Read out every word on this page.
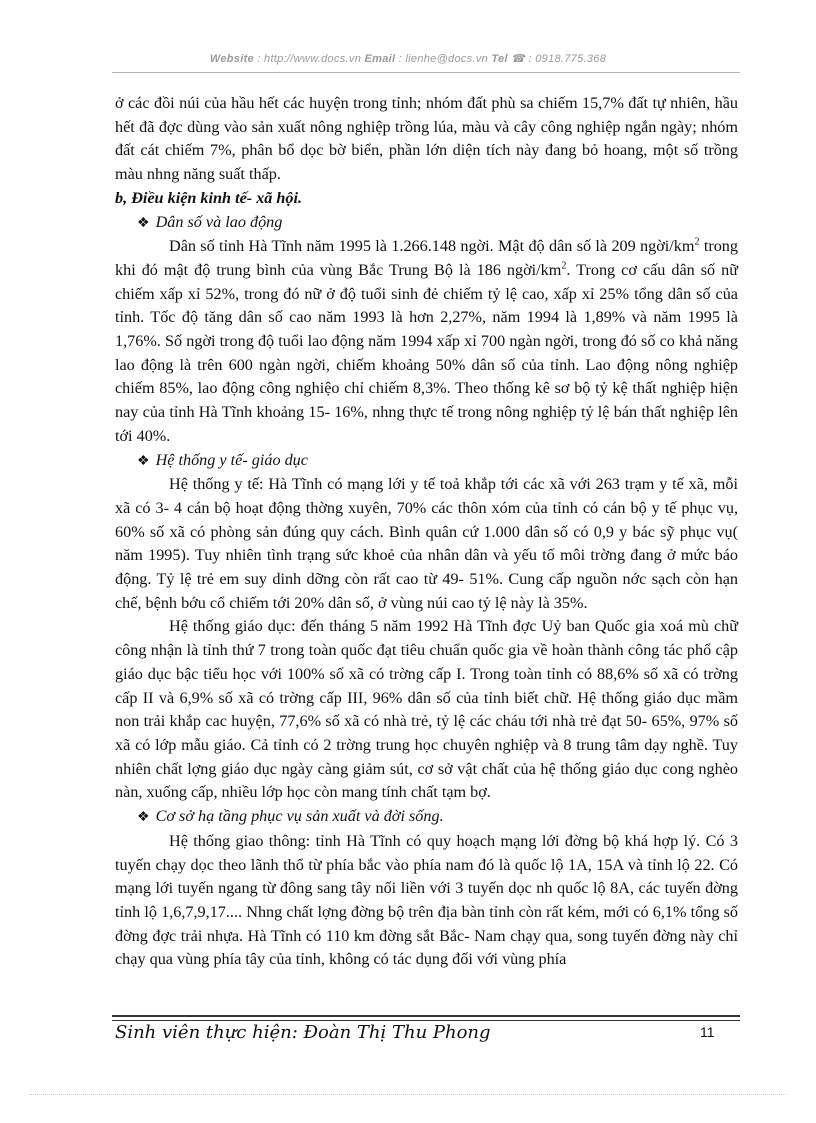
Website : http://www.docs.vn Email : lienhe@docs.vn Tel ☎ : 0918.775.368

ở các đồi núi của hầu hết các huyện trong tỉnh; nhóm đất phù sa chiếm 15,7% đất tự nhiên, hầu hết đã đợc dùng vào sản xuất nông nghiệp trồng lúa, màu và cây công nghiệp ngắn ngày; nhóm đất cát chiếm 7%, phân bổ dọc bờ biển, phần lớn diện tích này đang bỏ hoang, một số trồng màu nhng năng suất thấp.

b, Điều kiện kinh tế- xã hội.

❖ Dân số và lao động

Dân số tỉnh Hà Tĩnh năm 1995 là 1.266.148 ngời. Mật độ dân số là 209 ngời/$km^2$ trong khi đó mật độ trung bình của vùng Bắc Trung Bộ là 186 ngời/$km^2$. Trong cơ cấu dân số nữ chiếm xấp xỉ 52%, trong đó nữ ở độ tuổi sinh đẻ chiếm tỷ lệ cao, xấp xỉ 25% tổng dân số của tỉnh. Tốc độ tăng dân số cao năm 1993 là hơn 2,27%, năm 1994 là 1,89% và năm 1995 là 1,76%. Số ngời trong độ tuổi lao động năm 1994 xấp xỉ 700 ngàn ngời, trong đó số co khả năng lao động là trên 600 ngàn ngời, chiếm khoảng 50% dân số của tỉnh. Lao động nông nghiệp chiếm 85%, lao động công nghiệo chỉ chiếm 8,3%. Theo thống kê sơ bộ tỷ kệ thất nghiệp hiện nay của tỉnh Hà Tĩnh khoảng 15- 16%, nhng thực tế trong nông nghiệp tỷ lệ bán thất nghiệp lên tới 40%.

❖ Hệ thống y tế- giáo dục

Hệ thống y tế: Hà Tĩnh có mạng lới y tế toả khắp tới các xã với 263 trạm y tế xã, mỗi xã có 3- 4 cán bộ hoạt động thờng xuyên, 70% các thôn xóm của tỉnh có cán bộ y tế phục vụ, 60% số xã có phòng sản đúng quy cách. Bình quân cứ 1.000 dân số có 0,9 y bác sỹ phục vụ( năm 1995). Tuy nhiên tình trạng sức khoẻ của nhân dân và yếu tố môi trờng đang ở mức báo động. Tỷ lệ trẻ em suy dinh dỡng còn rất cao từ 49- 51%. Cung cấp nguồn nớc sạch còn hạn chế, bệnh bớu cổ chiếm tới 20% dân số, ở vùng núi cao tỷ lệ này là 35%.

Hệ thống giáo dục: đến tháng 5 năm 1992 Hà Tĩnh đợc Uỷ ban Quốc gia xoá mù chữ công nhận là tỉnh thứ 7 trong toàn quốc đạt tiêu chuẩn quốc gia về hoàn thành công tác phổ cập giáo dục bậc tiểu học với 100% số xã có trờng cấp I. Trong toàn tỉnh có 88,6% số xã có trờng cấp II và 6,9% số xã có trờng cấp III, 96% dân số của tỉnh biết chữ. Hệ thống giáo dục mầm non trải khắp cac huyện, 77,6% số xã có nhà trẻ, tỷ lệ các cháu tới nhà trẻ đạt 50- 65%, 97% số xã có lớp mẫu giáo. Cả tỉnh có 2 trờng trung học chuyên nghiệp và 8 trung tâm dạy nghề. Tuy nhiên chất lợng giáo dục ngày càng giảm sút, cơ sở vật chất của hệ thống giáo dục cong nghèo nàn, xuống cấp, nhiều lớp học còn mang tính chất tạm bợ.

❖ Cơ sở hạ tầng phục vụ sản xuất và đời sống.

Hệ thống giao thông: tỉnh Hà Tĩnh có quy hoạch mạng lới đờng bộ khá hợp lý. Có 3 tuyến chạy dọc theo lãnh thổ từ phía bắc vào phía nam đó là quốc lộ 1A, 15A và tỉnh lộ 22. Có mạng lới tuyến ngang từ đông sang tây nối liền với 3 tuyến dọc nh quốc lộ 8A, các tuyến đờng tỉnh lộ 1,6,7,9,17.... Nhng chất lợng đờng bộ trên địa bàn tỉnh còn rất kém, mới có 6,1% tổng số đờng đợc trải nhựa. Hà Tĩnh có 110 km đờng sắt Bắc- Nam chạy qua, song tuyến đờng này chỉ chạy qua vùng phía tây của tỉnh, không có tác dụng đối với vùng phía

Sinh viên thực hiện: Đoàn Thị Thu Phong	11
